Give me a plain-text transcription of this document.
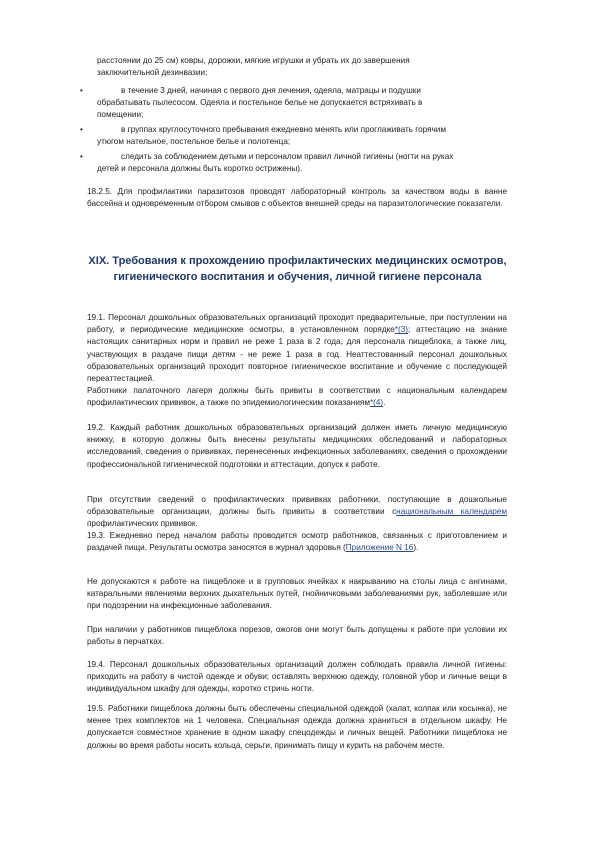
расстоянии до 25 см) ковры, дорожки, мягкие игрушки и убрать их до завершения
заключительной дезинвазии;
•	в течение 3 дней, начиная с первого дня лечения, одеяла, матрацы и подушки
обрабатывать пылесосом. Одеяла и постельное белье не допускается встряхивать в
помещении;
•	в группах круглосуточного пребывания ежедневно менять или проглаживать горячим
утюгом нательное, постельное белье и полотенца;
•	следить за соблюдением детьми и персоналом правил личной гигиены (ногти на руках
детей и персонала должны быть коротко острижены).

18.2.5. Для профилактики паразитозов проводят лабораторный контроль за качеством воды в ванне бассейна и одновременным отбором смывов с объектов внешней среды на паразитологические показатели.

XIX. Требования к прохождению профилактических медицинских осмотров, гигиенического воспитания и обучения, личной гигиене персонала

19.1. Персонал дошкольных образовательных организаций проходит предварительные, при поступлении на работу, и периодические медицинские осмотры, в установленном порядке*(3); аттестацию на знание настоящих санитарных норм и правил не реже 1 раза в 2 года, для персонала пищеблока, а также лиц, участвующих в раздаче пищи детям - не реже 1 раза в год. Неаттестованный персонал дошкольных образовательных организаций проходит повторное гигиеническое воспитание и обучение с последующей переаттестацией.
Работники палаточного лагеря должны быть привиты в соответствии с национальным календарем профилактических прививок, а также по эпидемиологическим показаниям*(4).

19.2. Каждый работник дошкольных образовательных организаций должен иметь личную медицинскую книжку, в которую должны быть внесены результаты медицинских обследований и лабораторных исследований, сведения о прививках, перенесенных инфекционных заболеваниях, сведения о прохождении профессиональной гигиенической подготовки и аттестации, допуск к работе.

При отсутствии сведений о профилактических прививках работники, поступающие в дошкольные образовательные организации, должны быть привиты в соответствии снациональным календарем профилактических прививок.

19.3. Ежедневно перед началом работы проводится осмотр работников, связанных с приготовлением и раздачей пищи. Результаты осмотра заносятся в журнал здоровья (Приложение N 16).

Не допускаются к работе на пищеблоке и в групповых ячейках к накрыванию на столы лица с ангинами, катаральными явлениями верхних дыхательных путей, гнойничковыми заболеваниями рук, заболевшие или при подозрении на инфекционные заболевания.

При наличии у работников пищеблока порезов, ожогов они могут быть допущены к работе при условии их работы в перчатках.

19.4. Персонал дошкольных образовательных организаций должен соблюдать правила личной гигиены: приходить на работу в чистой одежде и обуви; оставлять верхнюю одежду, головной убор и личные вещи в индивидуальном шкафу для одежды, коротко стричь ногти.

19.5. Работники пищеблока должны быть обеспечены специальной одеждой (халат, колпак или косынка), не менее трех комплектов на 1 человека. Специальная одежда должна храниться в отдельном шкафу. Не допускается совместное хранение в одном шкафу спецодежды и личных вещей. Работники пищеблока не должны во время работы носить кольца, серьги, принимать пищу и курить на рабочем месте.
